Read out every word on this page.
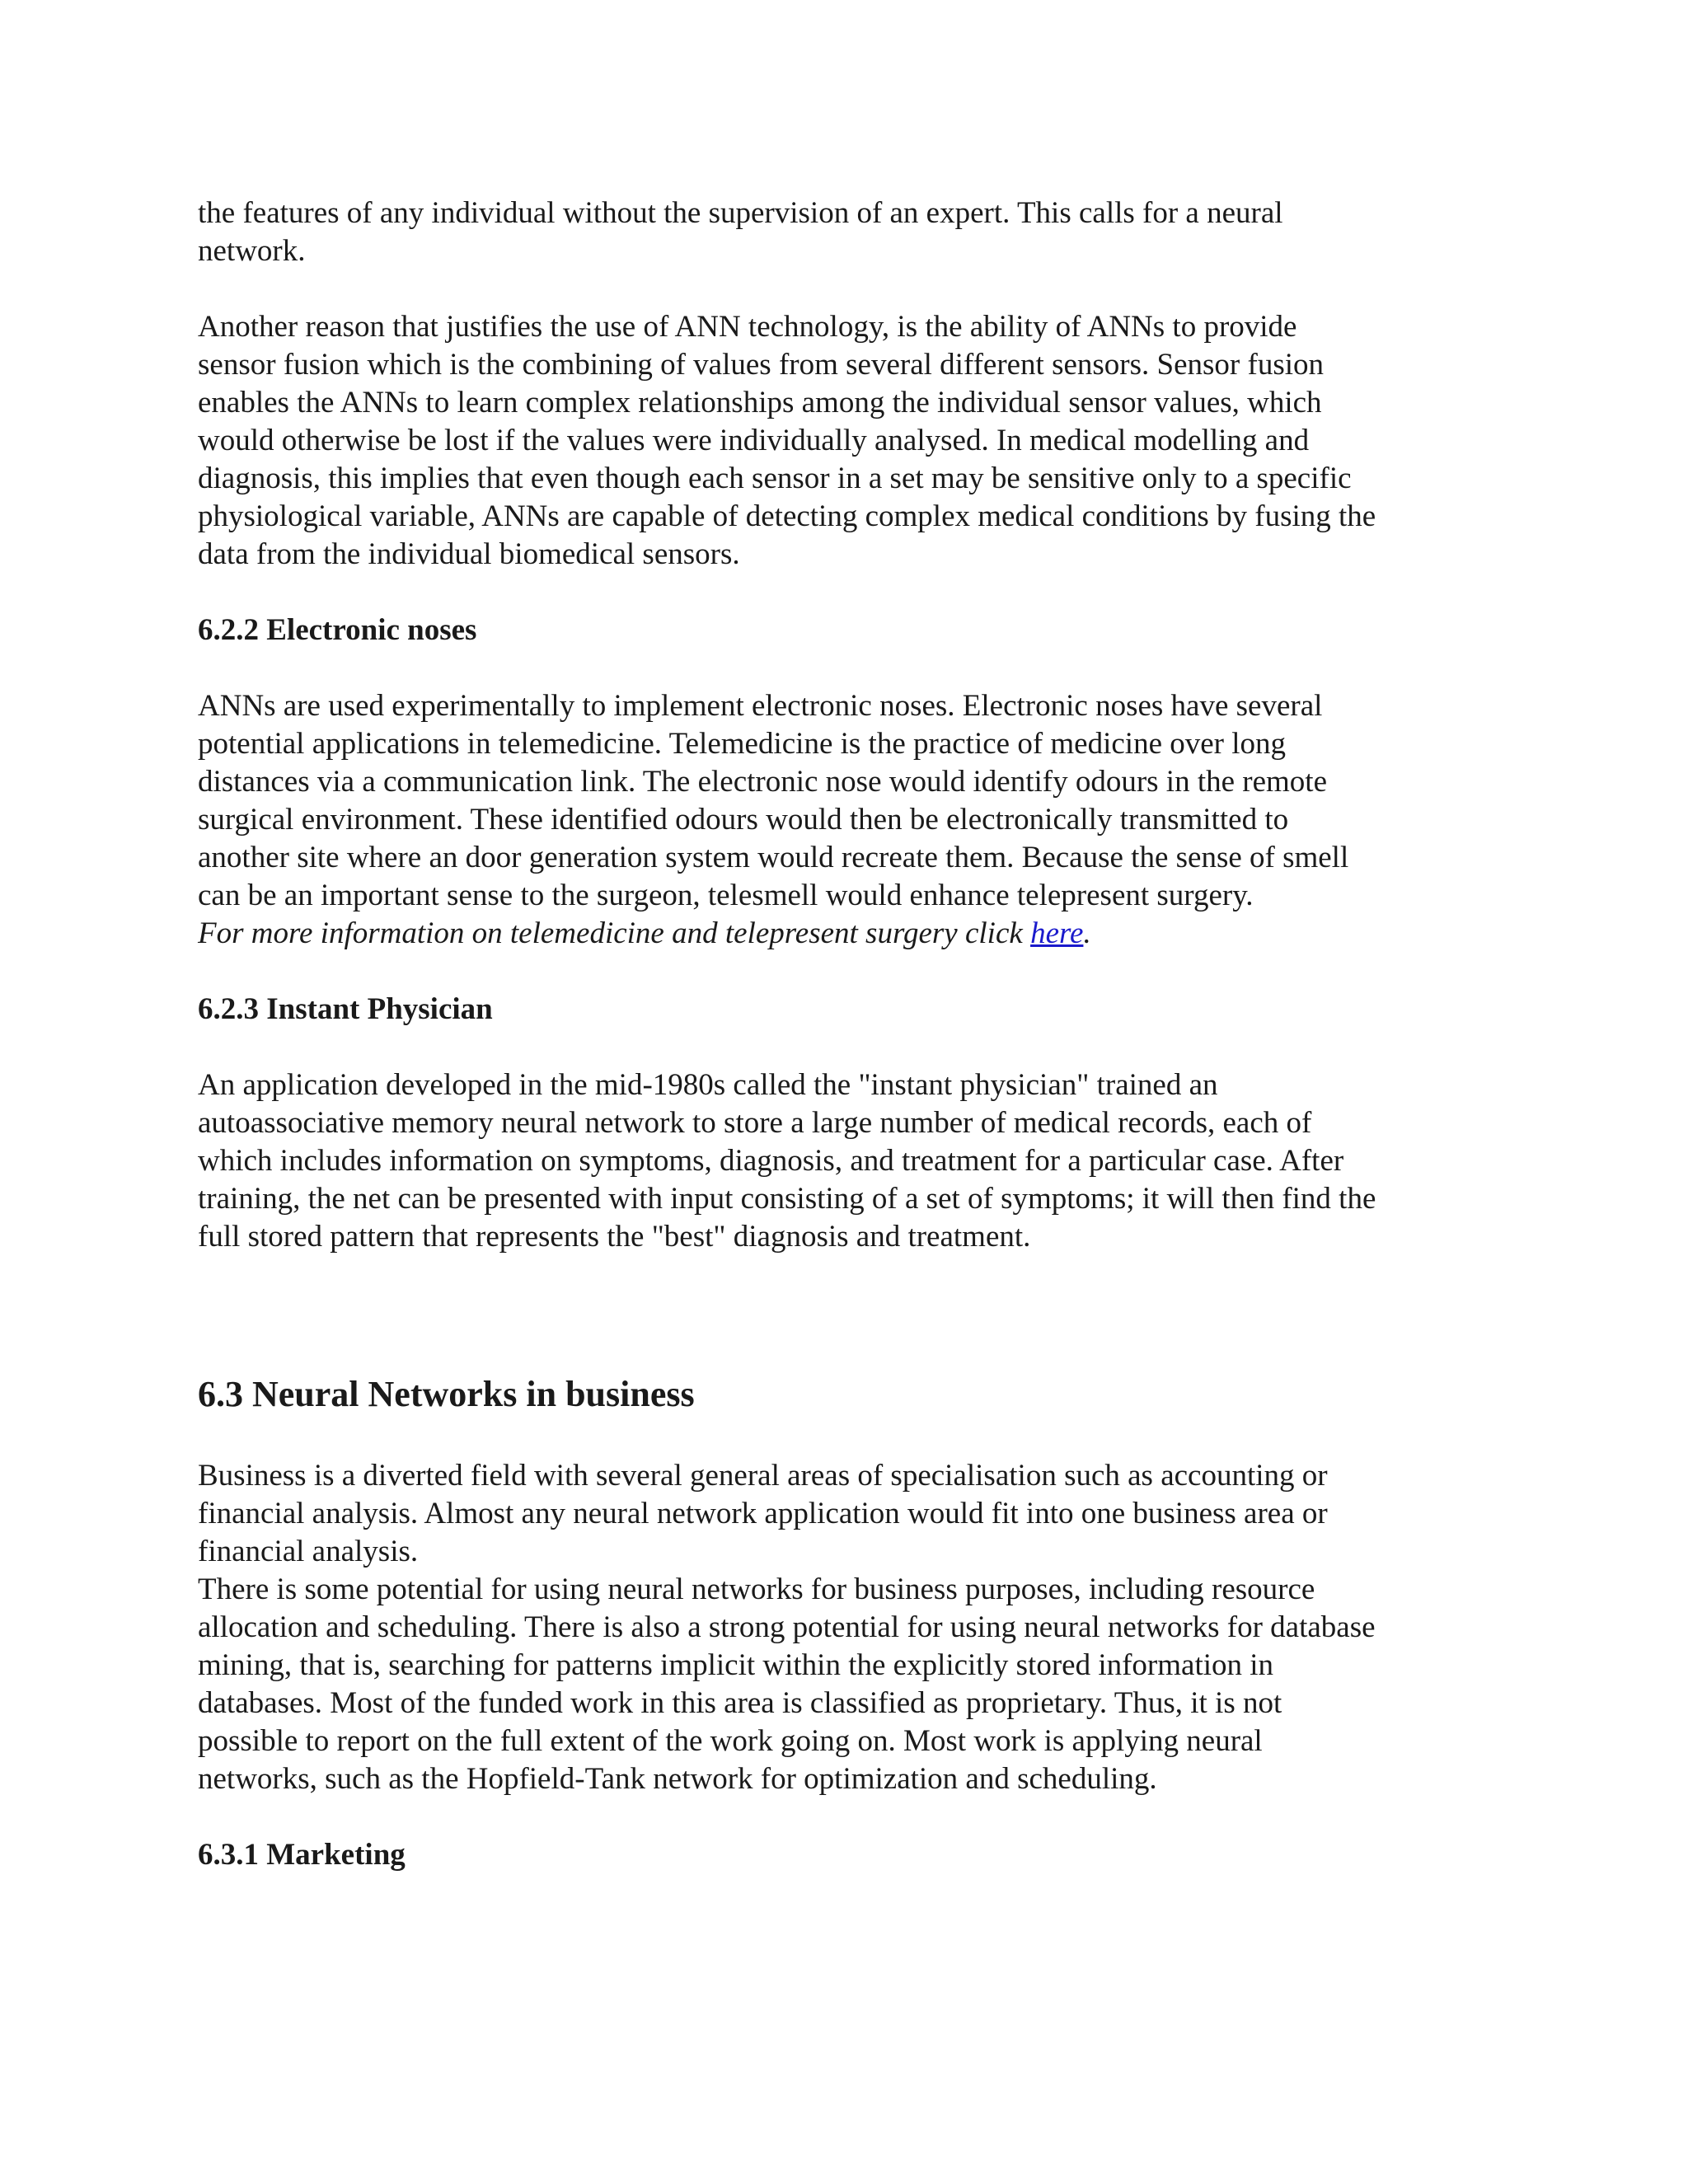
the features of any individual without the supervision of an expert. This calls for a neural
network.

Another reason that justifies the use of ANN technology, is the ability of ANNs to provide
sensor fusion which is the combining of values from several different sensors. Sensor fusion
enables the ANNs to learn complex relationships among the individual sensor values, which
would otherwise be lost if the values were individually analysed. In medical modelling and
diagnosis, this implies that even though each sensor in a set may be sensitive only to a specific
physiological variable, ANNs are capable of detecting complex medical conditions by fusing the
data from the individual biomedical sensors.

6.2.2 Electronic noses

ANNs are used experimentally to implement electronic noses. Electronic noses have several
potential applications in telemedicine. Telemedicine is the practice of medicine over long
distances via a communication link. The electronic nose would identify odours in the remote
surgical environment. These identified odours would then be electronically transmitted to
another site where an door generation system would recreate them. Because the sense of smell
can be an important sense to the surgeon, telesmell would enhance telepresent surgery.
For more information on telemedicine and telepresent surgery click here.

6.2.3 Instant Physician

An application developed in the mid-1980s called the "instant physician" trained an
autoassociative memory neural network to store a large number of medical records, each of
which includes information on symptoms, diagnosis, and treatment for a particular case. After
training, the net can be presented with input consisting of a set of symptoms; it will then find the
full stored pattern that represents the "best" diagnosis and treatment.

6.3 Neural Networks in business

Business is a diverted field with several general areas of specialisation such as accounting or
financial analysis. Almost any neural network application would fit into one business area or
financial analysis.
There is some potential for using neural networks for business purposes, including resource
allocation and scheduling. There is also a strong potential for using neural networks for database
mining, that is, searching for patterns implicit within the explicitly stored information in
databases. Most of the funded work in this area is classified as proprietary. Thus, it is not
possible to report on the full extent of the work going on. Most work is applying neural
networks, such as the Hopfield-Tank network for optimization and scheduling.

6.3.1 Marketing
